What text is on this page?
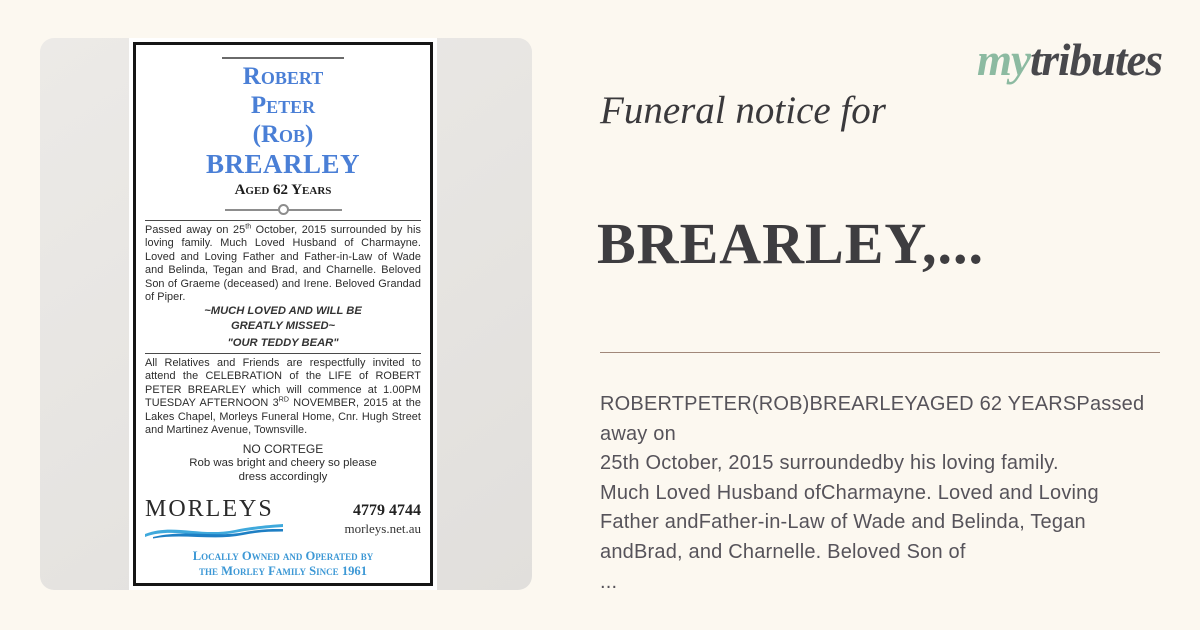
Robert
Peter
(Rob)
BREARLEY
Aged 62 Years
Passed away on 25th October, 2015 surrounded by his loving family. Much Loved Husband of Charmayne. Loved and Loving Father and Father-in-Law of Wade and Belinda, Tegan and Brad, and Charnelle. Beloved Son of Graeme (deceased) and Irene. Beloved Grandad of Piper.
~MUCH LOVED AND WILL BE
GREATLY MISSED~
"OUR TEDDY BEAR"
All Relatives and Friends are respectfully invited to attend the CELEBRATION of the LIFE of ROBERT PETER BREARLEY which will commence at 1.00PM TUESDAY AFTERNOON 3RD NOVEMBER, 2015 at the Lakes Chapel, Morleys Funeral Home, Cnr. Hugh Street and Martinez Avenue, Townsville.
NO CORTEGE
Rob was bright and cheery so please
dress accordingly
MORLEYS	4779 4744
morleys.net.au
Locally Owned and Operated by
the Morley Family Since 1961
mytributes
Funeral notice for
BREARLEY,...
ROBERTPETER(ROB)BREARLEYAGED 62 YEARSPassed away on
25th October, 2015 surroundedby his loving family.
Much Loved Husband ofCharmayne. Loved and Loving
Father andFather-in-Law of Wade and Belinda, Tegan
andBrad, and Charnelle. Beloved Son of
...
